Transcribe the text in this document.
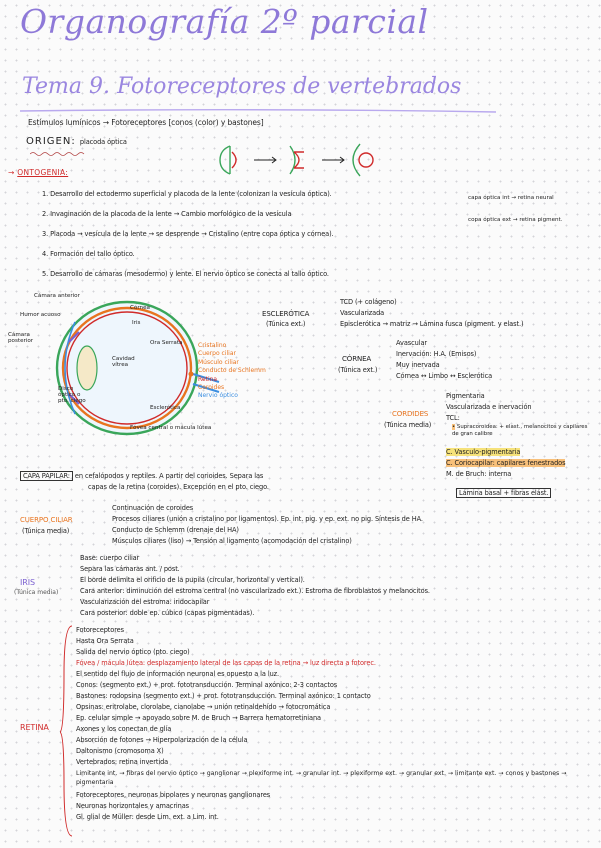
Organografía 2º parcial
Tema 9. Fotoreceptores de vertebrados
Estímulos lumínicos → Fotoreceptores [conos (color) y bastones]
ORIGEN: placoda óptica
→ ONTOGENIA:
1. Desarrollo del ectodermo superficial y placoda de la lente (colonizan la vesícula óptica).
2. Invaginación de la placoda de la lente → Cambio morfológico de la vesícula
3. Placoda → vesícula de la lente → se desprende → Cristalino (entre copa óptica y córnea).
4. Formación del tallo óptico.
5. Desarrollo de cámaras (mesodermo) y lente. El nervio óptico se conecta al tallo óptico.
capa óptica int → retina neural
copa óptica ext → retina pigment.
Cámara anterior
Humor acuoso
Cámara posterior
Córnea
Iris
Ora Serrata
Cavidad vítrea
Disco óptico o pto. ciego
Esclerótica
Fóvea central o mácula lútea
Cristalino
Cuerpo ciliar
Músculo ciliar
Conducto de Schlemm
Retina
Coroides
Nervio óptico
ESCLERÓTICA
(Túnica ext.)
TCD (+ colágeno)
Vascularizada
Episclerótica → matriz → Lámina fusca (pigment. y elast.)
CÓRNEA
(Túnica ext.)
Avascular
Inervación: H.A. (Emisos)
Muy inervada
Córnea ↔ Limbo ↔ Esclerótica
CORDIDES
(Túnica media)
Pigmentaria
Vascularizada e inervación
TCL:
• Supracoroidea: + elast., melanocitos y capilares de gran calibre
C. Vasculo-pigmentaria
C. Coriocapilar: capilares fenestrados
M. de Bruch: interna
Lámina basal + fibras elást.
CAPA PAPILAR: en cefalópodos y reptiles. A partir del corioides. Separa las
capas de la retina (coroides). Excepción en el pto. ciego.
CUERPO CILIAR
(Túnica media)
Continuación de coroides
Procesos ciliares (unión a cristalino por ligamentos). Ep. int. pig. y ep. ext. no pig. Síntesis de HA.
Conducto de Schlemm (drenaje del HA)
Músculos ciliares (liso) → Tensión al ligamento (acomodación del cristalino)
IRIS
(Túnica media)
Base: cuerpo ciliar
Separa las cámaras ant. / post.
El borde delimita el orificio de la pupila (circular, horizontal y vertical).
Cara anterior: diminución del estroma central (no vascularizado ext.). Estroma de fibroblastos y melanocitos.
Vascularización del estroma: iridocapilar
Cara posterior: doble ep. cúbico (capas pigmentadas).
RETINA
Fotoreceptores
Hasta Ora Serrata
Salida del nervio óptico (pto. ciego)
Fóvea / mácula lútea: desplazamiento lateral de las capas de la retina → luz directa a fotorec.
El sentido del flujo de información neuronal es opuesto a la luz.
Conos: (segmento ext.) + prot. fototransducción. Terminal axónico: 2-3 contactos
Bastones: rodopsina (segmento ext.) + prot. fototransducción. Terminal axónico: 1 contacto
Opsinas: eritrolabe, clorolabe, cianolabe → unión retinaldehído → fotocromática
Ep. celular simple → apoyado sobre M. de Bruch → Barrera hematorretiniana
Axones y los conectan de glía
Absorción de fotones → Hiperpolarización de la célula
Daltonismo (cromosoma X)
Vertebrados: retina invertida
Limitante int. → fibras del nervio óptico → ganglionar → plexiforme int. → granular int. → plexiforme ext. → granular ext. → limitante ext. → conos y bastones → pigmentaria
Fotoreceptores, neuronas bipolares y neuronas ganglionares
Neuronas horizontales y amacrinas
Gl. glial de Müller: desde Lim. ext. a Lim. int.
